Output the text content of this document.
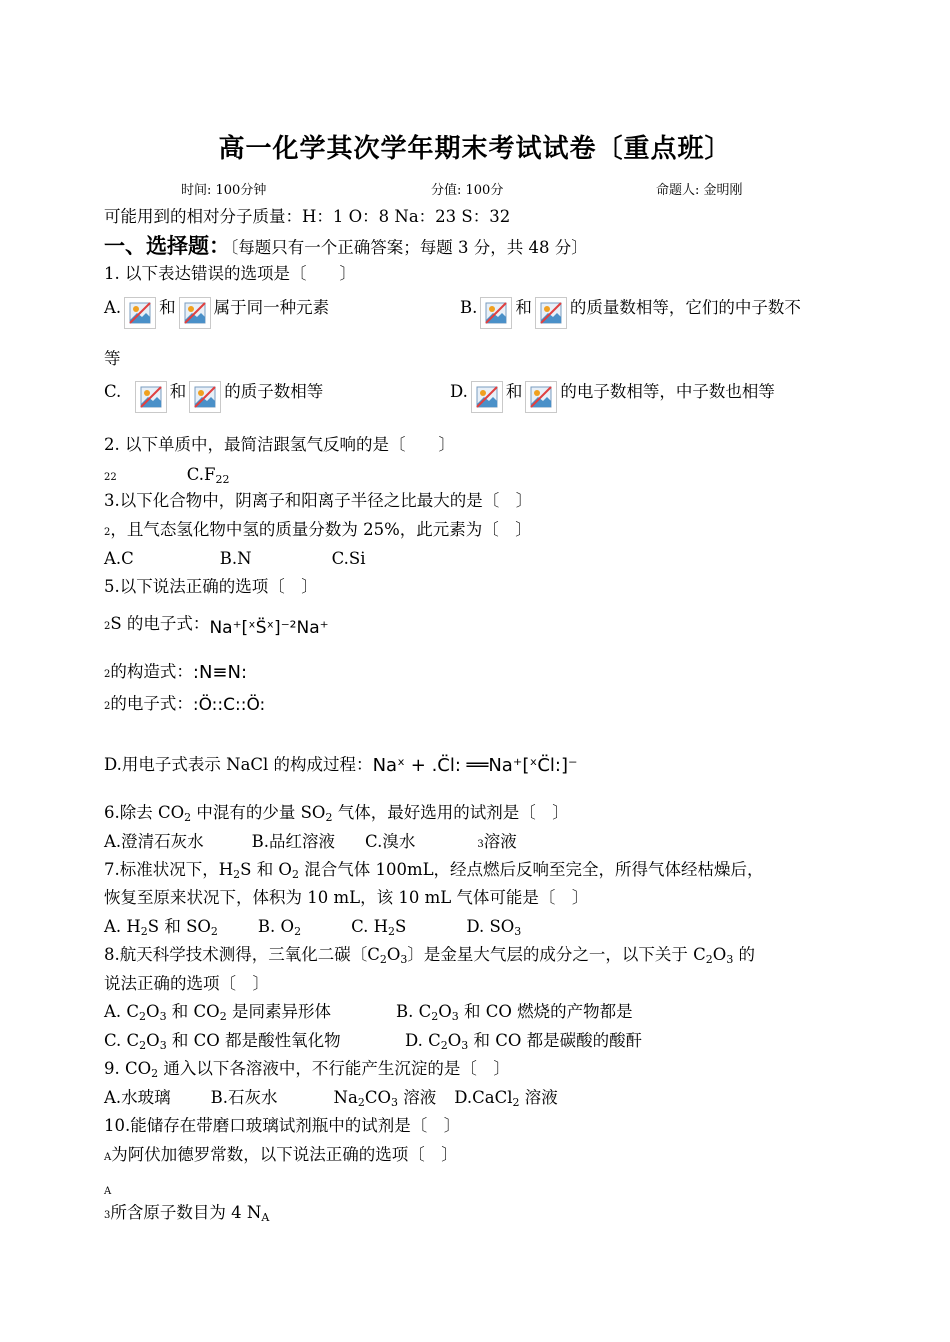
高一化学其次学年期末考试试卷〔重点班〕
时间: 100分钟	分值: 100分	命题人: 金明刚
可能用到的相对分子质量：H：1 O：8 Na：23 S：32
一、选择题：〔每题只有一个正确答案；每题 3 分，共 48 分〕
1. 以下表达错误的选项是〔　　〕
A. 和 属于同一种元素	B. 和 的质量数相等，它们的中子数不
等
C.	和 的质子数相等	D. 和 的电子数相等，中子数也相等
2. 以下单质中，最简洁跟氢气反响的是〔　　〕
22	$C.F_{22}$
3.以下化合物中，阴离子和阳离子半径之比最大的是〔　〕
2，且气态氢化物中氢的质量分数为 25%，此元素为〔　〕
A.C	B.N	C.Si
5.以下说法正确的选项〔　〕
2S 的电子式：Na⁺[ˣS̈ˣ]⁻²Na⁺
2的构造式：:N≡N:
2的电子式：:Ö::C::Ö:
D.用电子式表示 NaCl 的构成过程：Naˣ + .C̈l: ══Na⁺[ˣC̈l:]⁻
6.除去 $CO_2$ 中混有的少量 $SO_2$ 气体，最好选用的试剂是〔　〕
A.澄清石灰水	B.品红溶液 C.溴水	3溶液
7.标准状况下，$H_2S$ 和 $O_2$ 混合气体 100mL，经点燃后反响至完全，所得气体经枯燥后，
恢复至原来状况下，体积为 10 mL，该 10 mL 气体可能是〔　〕
A. $H_2S$ 和 $SO_2$ B. $O_2$	C. $H_2S$	D. $SO_3$
8.航天科学技术测得，三氧化二碳〔$C_2O_3$〕是金星大气层的成分之一，以下关于 $C_2O_3$ 的
说法正确的选项〔　〕
A. $C_2O_3$ 和 $CO_2$ 是同素异形体	B. $C_2O_3$ 和 CO 燃烧的产物都是
C. $C_2O_3$ 和 CO 都是酸性氧化物	D. $C_2O_3$ 和 CO 都是碳酸的酸酐
9. $CO_2$ 通入以下各溶液中，不行能产生沉淀的是〔　〕
A.水玻璃 B.石灰水	$Na_2CO_3$ 溶液 D.CaCl$_2$ 溶液
10.能储存在带磨口玻璃试剂瓶中的试剂是〔　〕
A为阿伏加德罗常数，以下说法正确的选项〔　〕
A
3所含原子数目为 4 $N_A$
